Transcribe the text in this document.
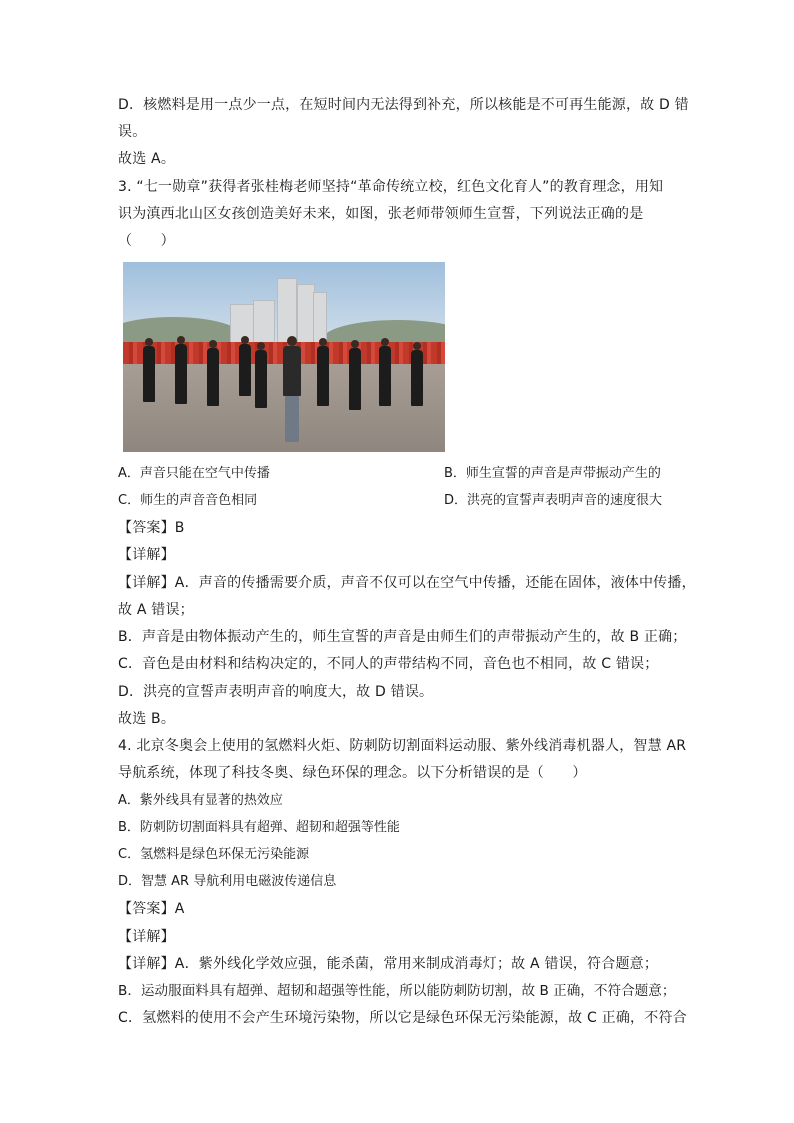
D．核燃料是用一点少一点，在短时间内无法得到补充，所以核能是不可再生能源，故 D 错
误。
故选 A。
3. “七一勋章”获得者张桂梅老师坚持“革命传统立校，红色文化育人”的教育理念，用知
识为滇西北山区女孩创造美好未来，如图，张老师带领师生宣誓，下列说法正确的是
（　　）
A．声音只能在空气中传播	B．师生宣誓的声音是声带振动产生的
C．师生的声音音色相同	D．洪亮的宣誓声表明声音的速度很大
【答案】B
【详解】
【详解】A．声音的传播需要介质，声音不仅可以在空气中传播，还能在固体，液体中传播，
故 A 错误；
B．声音是由物体振动产生的，师生宣誓的声音是由师生们的声带振动产生的，故 B 正确；
C．音色是由材料和结构决定的，不同人的声带结构不同，音色也不相同，故 C 错误；
D．洪亮的宣誓声表明声音的响度大，故 D 错误。
故选 B。
4. 北京冬奥会上使用的氢燃料火炬、防刺防切割面料运动服、紫外线消毒机器人，智慧 AR
导航系统，体现了科技冬奥、绿色环保的理念。以下分析错误的是（　　）
A．紫外线具有显著的热效应
B．防刺防切割面料具有超弹、超韧和超强等性能
C．氢燃料是绿色环保无污染能源
D．智慧 AR 导航利用电磁波传递信息
【答案】A
【详解】
【详解】A．紫外线化学效应强，能杀菌，常用来制成消毒灯；故 A 错误，符合题意；
B．运动服面料具有超弹、超韧和超强等性能，所以能防刺防切割，故 B 正确，不符合题意；
C．氢燃料的使用不会产生环境污染物，所以它是绿色环保无污染能源，故 C 正确，不符合
